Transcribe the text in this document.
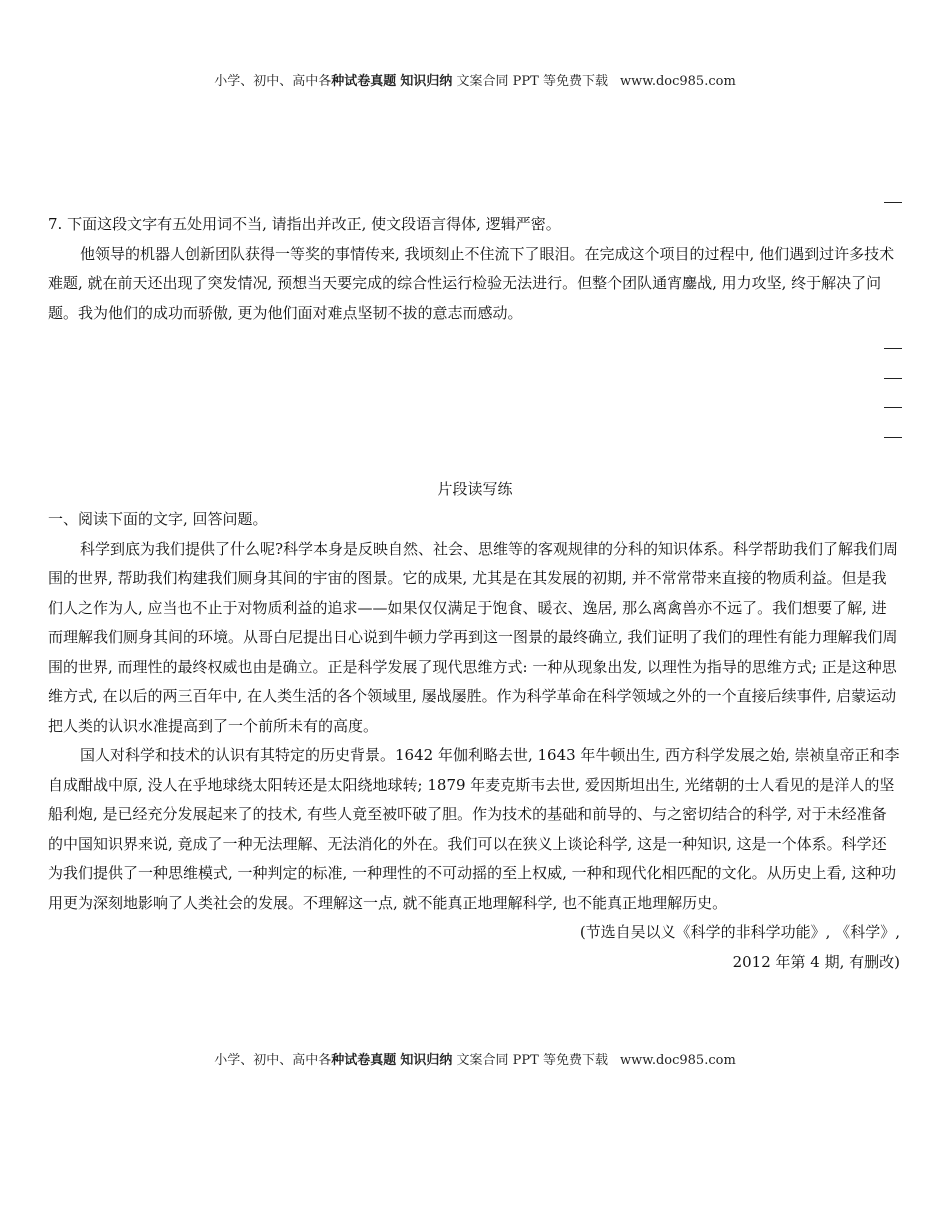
小学、初中、高中各种试卷真题 知识归纳 文案合同 PPT 等免费下载 www.doc985.com

7. 下面这段文字有五处用词不当, 请指出并改正, 使文段语言得体, 逻辑严密。

他领导的机器人创新团队获得一等奖的事情传来, 我顷刻止不住流下了眼泪。在完成这个项目的过程中, 他们遇到过许多技术难题, 就在前天还出现了突发情况, 预想当天要完成的综合性运行检验无法进行。但整个团队通宵鏖战, 用力攻坚, 终于解决了问题。我为他们的成功而骄傲, 更为他们面对难点坚韧不拔的意志而感动。

片段读写练

一、阅读下面的文字, 回答问题。

科学到底为我们提供了什么呢?科学本身是反映自然、社会、思维等的客观规律的分科的知识体系。科学帮助我们了解我们周围的世界, 帮助我们构建我们厕身其间的宇宙的图景。它的成果, 尤其是在其发展的初期, 并不常常带来直接的物质利益。但是我们人之作为人, 应当也不止于对物质利益的追求——如果仅仅满足于饱食、暖衣、逸居, 那么离禽兽亦不远了。我们想要了解, 进而理解我们厕身其间的环境。从哥白尼提出日心说到牛顿力学再到这一图景的最终确立, 我们证明了我们的理性有能力理解我们周围的世界, 而理性的最终权威也由是确立。正是科学发展了现代思维方式: 一种从现象出发, 以理性为指导的思维方式; 正是这种思维方式, 在以后的两三百年中, 在人类生活的各个领域里, 屡战屡胜。作为科学革命在科学领域之外的一个直接后续事件, 启蒙运动把人类的认识水准提高到了一个前所未有的高度。

国人对科学和技术的认识有其特定的历史背景。1642 年伽利略去世, 1643 年牛顿出生, 西方科学发展之始, 崇祯皇帝正和李自成酣战中原, 没人在乎地球绕太阳转还是太阳绕地球转; 1879 年麦克斯韦去世, 爱因斯坦出生, 光绪朝的士人看见的是洋人的坚船利炮, 是已经充分发展起来了的技术, 有些人竟至被吓破了胆。作为技术的基础和前导的、与之密切结合的科学, 对于未经准备的中国知识界来说, 竟成了一种无法理解、无法消化的外在。我们可以在狭义上谈论科学, 这是一种知识, 这是一个体系。科学还为我们提供了一种思维模式, 一种判定的标准, 一种理性的不可动摇的至上权威, 一种和现代化相匹配的文化。从历史上看, 这种功用更为深刻地影响了人类社会的发展。不理解这一点, 就不能真正地理解科学, 也不能真正地理解历史。

(节选自吴以义《科学的非科学功能》, 《科学》,

2012 年第 4 期, 有删改)

小学、初中、高中各种试卷真题 知识归纳 文案合同 PPT 等免费下载 www.doc985.com
